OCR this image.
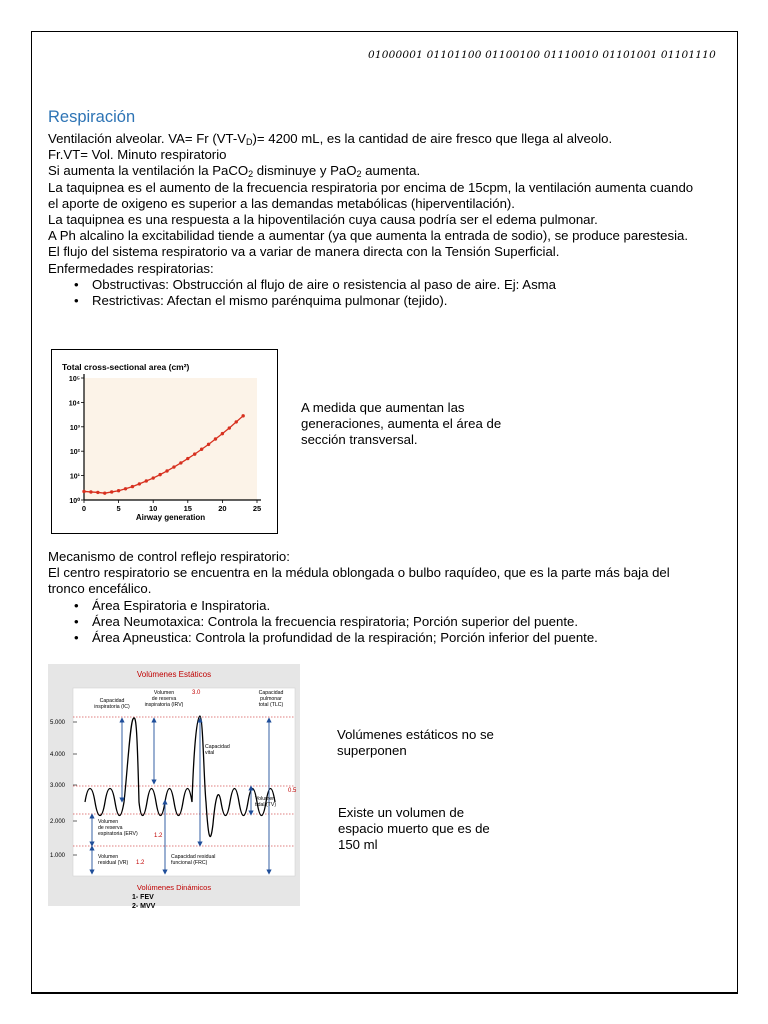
01000001 01101100 01100100 01110010 01101001 01101110
Respiración

Ventilación alveolar. VA= Fr $(VT-V_D)= 4200$ mL, es la cantidad de aire fresco que llega al alveolo.

Fr.VT= Vol. Minuto respiratorio

Si aumenta la ventilación la PaCO$_2$ disminuye y PaO$_2$ aumenta.

La taquipnea es el aumento de la frecuencia respiratoria por encima de 15cpm, la ventilación aumenta cuando el aporte de oxigeno es superior a las demandas metabólicas (hiperventilación).

La taquipnea es una respuesta a la hipoventilación cuya causa podría ser el edema pulmonar.

A Ph alcalino la excitabilidad tiende a aumentar (ya que aumenta la entrada de sodio), se produce parestesia.

El flujo del sistema respiratorio va a variar de manera directa con la Tensión Superficial.

Enfermedades respiratorias:

• Obstructivas: Obstrucción al flujo de aire o resistencia al paso de aire. Ej: Asma
• Restrictivas: Afectan el mismo parénquima pulmonar (tejido).
Total cross-sectional area (cm²)
0	5	10	15	20	25
10⁰
10¹
10²
10³
10⁴
10⁵
Airway generation
A medida que aumentan las generaciones, aumenta el área de sección transversal.

Mecanismo de control reflejo respiratorio:

El centro respiratorio se encuentra en la médula oblongada o bulbo raquídeo, que es la parte más baja del tronco encefálico.

• Área Espiratoria e Inspiratoria.
• Área Neumotaxica: Controla la frecuencia respiratoria; Porción superior del puente.
• Área Apneustica: Controla la profundidad de la respiración; Porción inferior del puente.
Volúmenes Estáticos
5.000
4.000
3.000
2.000
1.000
Capacidad inspiratoria (IC)
Volumen de reserva inspiratoria (IRV)
3.0	Capacidad pulmonar total (TLC)
Capacidad vital
Volumen tidal (TV)
0.5
Volumen de reserva espiratoria (ERV)	1.2
Volumen residual (VR) 1.2
Capacidad residual funcional (FRC)
Volúmenes Dinámicos
1- FEV
2- MVV
Volúmenes estáticos no se superponen
Existe un volumen de espacio muerto que es de 150 ml
